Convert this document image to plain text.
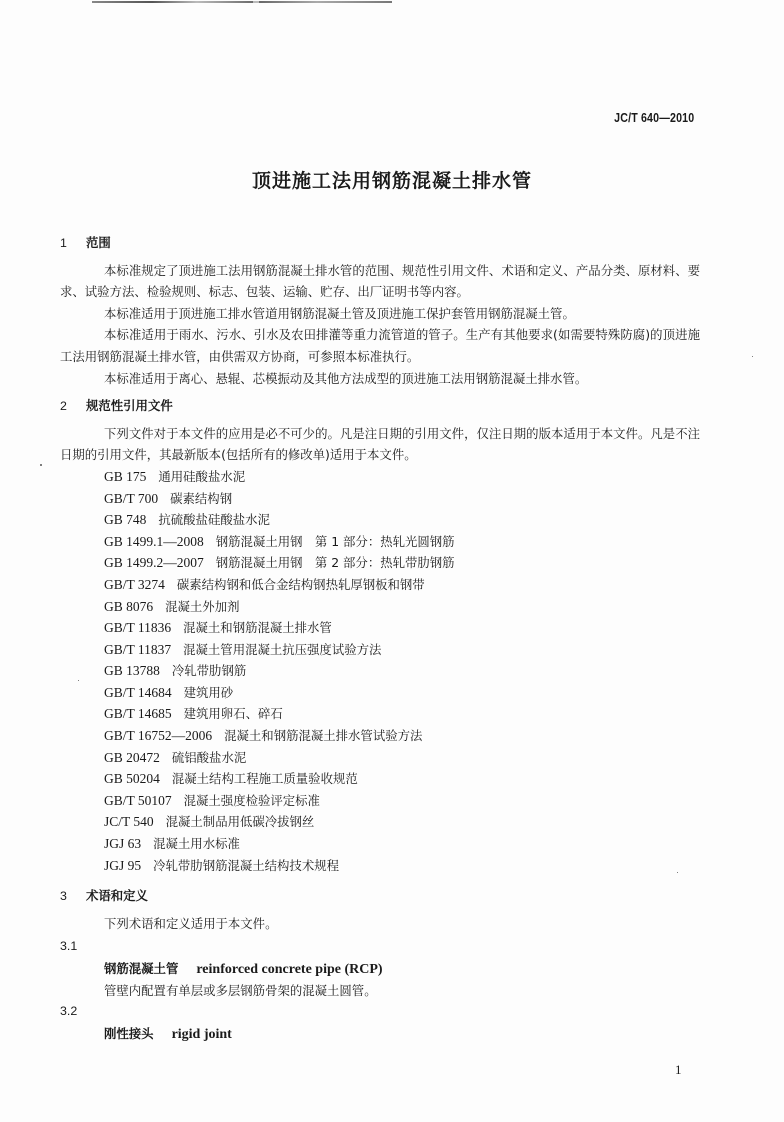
JC/T 640—2010
顶进施工法用钢筋混凝土排水管
1 范围

本标准规定了顶进施工法用钢筋混凝土排水管的范围、规范性引用文件、术语和定义、产品分类、原材料、要求、试验方法、检验规则、标志、包装、运输、贮存、出厂证明书等内容。

本标准适用于顶进施工排水管道用钢筋混凝土管及顶进施工保护套管用钢筋混凝土管。

本标准适用于雨水、污水、引水及农田排灌等重力流管道的管子。生产有其他要求(如需要特殊防腐)的顶进施工法用钢筋混凝土排水管，由供需双方协商，可参照本标准执行。

本标准适用于离心、悬辊、芯模振动及其他方法成型的顶进施工法用钢筋混凝土排水管。

2 规范性引用文件

下列文件对于本文件的应用是必不可少的。凡是注日期的引用文件，仅注日期的版本适用于本文件。凡是不注日期的引用文件，其最新版本(包括所有的修改单)适用于本文件。

GB 175 通用硅酸盐水泥
GB/T 700 碳素结构钢
GB 748 抗硫酸盐硅酸盐水泥
GB 1499.1—2008 钢筋混凝土用钢　第 1 部分：热轧光圆钢筋
GB 1499.2—2007 钢筋混凝土用钢　第 2 部分：热轧带肋钢筋
GB/T 3274 碳素结构钢和低合金结构钢热轧厚钢板和钢带
GB 8076 混凝土外加剂
GB/T 11836 混凝土和钢筋混凝土排水管
GB/T 11837 混凝土管用混凝土抗压强度试验方法
GB 13788 冷轧带肋钢筋
GB/T 14684 建筑用砂
GB/T 14685 建筑用卵石、碎石
GB/T 16752—2006 混凝土和钢筋混凝土排水管试验方法
GB 20472 硫铝酸盐水泥
GB 50204 混凝土结构工程施工质量验收规范
GB/T 50107 混凝土强度检验评定标准
JC/T 540 混凝土制品用低碳冷拔钢丝
JGJ 63 混凝土用水标准
JGJ 95 冷轧带肋钢筋混凝土结构技术规程
3 术语和定义
下列术语和定义适用于本文件。
3.1
钢筋混凝土管 reinforced concrete pipe (RCP)
管壁内配置有单层或多层钢筋骨架的混凝土圆管。
3.2
刚性接头 rigid joint
1
